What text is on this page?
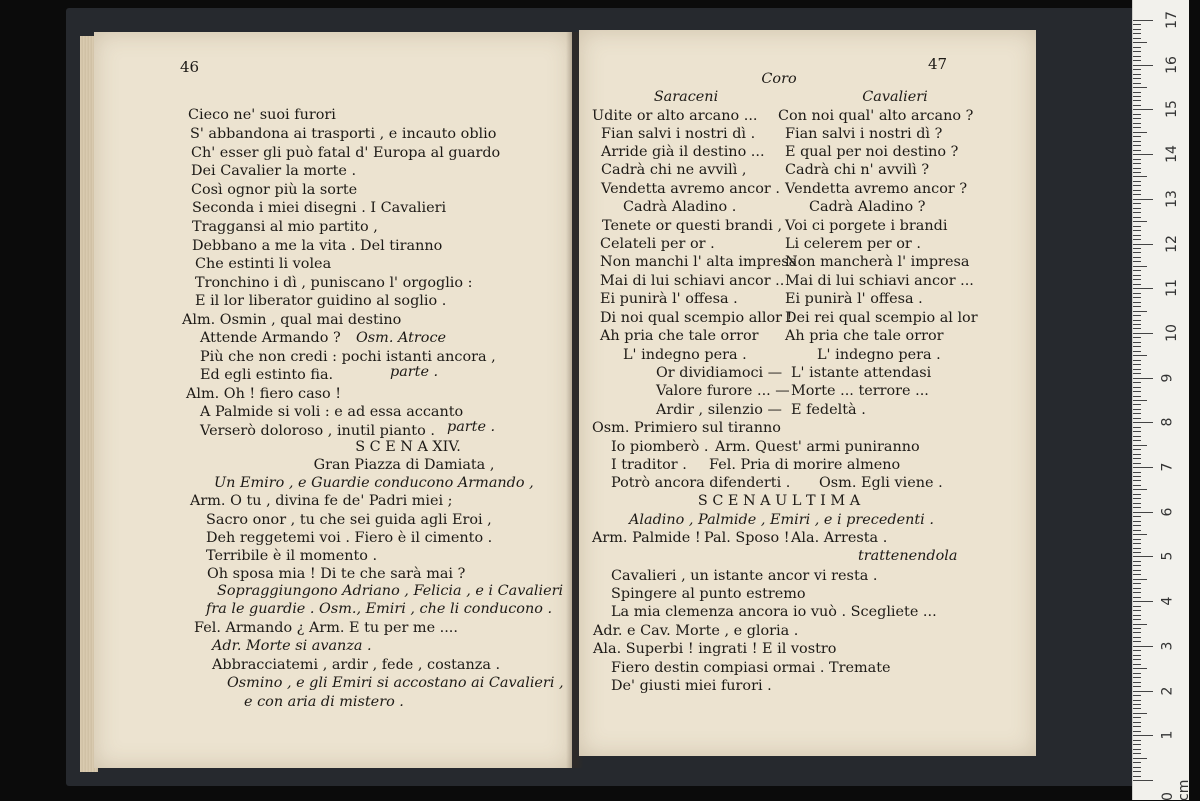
46
Cieco ne' suoi furori
S' abbandona ai trasporti , e incauto oblio
Ch' esser gli può fatal d' Europa al guardo
Dei Cavalier la morte .
Così ognor più la sorte
Seconda i miei disegni . I Cavalieri
Traggansi al mio partito ,
Debbano a me la vita . Del tiranno
Che estinti li volea
Tronchino i dì , puniscano l' orgoglio :
E il lor liberator guidino al soglio .
Alm. Osmin , qual mai destino
Attende Armando ? Osm. Atroce
Più che non credi : pochi istanti ancora ,
Ed egli estinto fia.	parte .
Alm. Oh ! fiero caso !
A Palmide si voli : e ad essa accanto
Verserò doloroso , inutil pianto . parte .
S C E N A XIV.
Gran Piazza di Damiata ,
Un Emiro , e Guardie conducono Armando ,
Arm. O tu , divina fe de' Padri miei ;
Sacro onor , tu che sei guida agli Eroi ,
Deh reggetemi voi . Fiero è il cimento .
Terribile è il momento .
Oh sposa mia ! Di te che sarà mai ?
Sopraggiungono Adriano , Felicia , e i Cavalieri
fra le guardie . Osm., Emiri , che li conducono .
Fel. Armando ¿ Arm. E tu per me ....
Adr. Morte si avanza .
Abbracciatemi , ardir , fede , costanza .
Osmino , e gli Emiri si accostano ai Cavalieri ,
e con aria di mistero .
47
Coro
Saraceni	Cavalieri
Udite or alto arcano ...
Fian salvi i nostri dì .
Arride già il destino ...
Cadrà chi ne avvilì ,
Vendetta avremo ancor .
Cadrà Aladino .
Tenete or questi brandi ,
Celateli per or .
Non manchi l' alta impresa
Mai di lui schiavi ancor ..
Ei punirà l' offesa .
Di noi qual scempio allor !
Ah pria che tale orror
L' indegno pera .
Or dividiamoci —
Valore furore ... —
Ardir , silenzio —
Con noi qual' alto arcano ?
Fian salvi i nostri dì ?
E qual per noi destino ?
Cadrà chi n' avvilì ?
Vendetta avremo ancor ?
Cadrà Aladino ?
Voi ci porgete i brandi
Li celerem per or .
Non mancherà l' impresa
Mai di lui schiavi ancor ...
Ei punirà l' offesa .
Dei rei qual scempio al lor
Ah pria che tale orror
L' indegno pera .
L' istante attendasi
Morte ... terrore ...
E fedeltà .
Osm. Primiero sul tiranno
Io piomberò . Arm. Quest' armi puniranno
I traditor . Fel. Pria di morire almeno
Potrò ancora difenderti . Osm. Egli viene .
S C E N A U L T I M A
Aladino , Palmide , Emiri , e i precedenti .
Arm. Palmide ! Pal. Sposo ! Ala. Arresta .
trattenendola
Cavalieri , un istante ancor vi resta .
Spingere al punto estremo
La mia clemenza ancora io vuò . Scegliete ...
Adr. e Cav. Morte , e gloria .
Ala. Superbi ! ingrati ! E il vostro
Fiero destin compiasi ormai . Tremate
De' giusti miei furori .
17
16
15
14
13
12
11
10
9
8
7
6
5
4
3
2
1
0 cm
